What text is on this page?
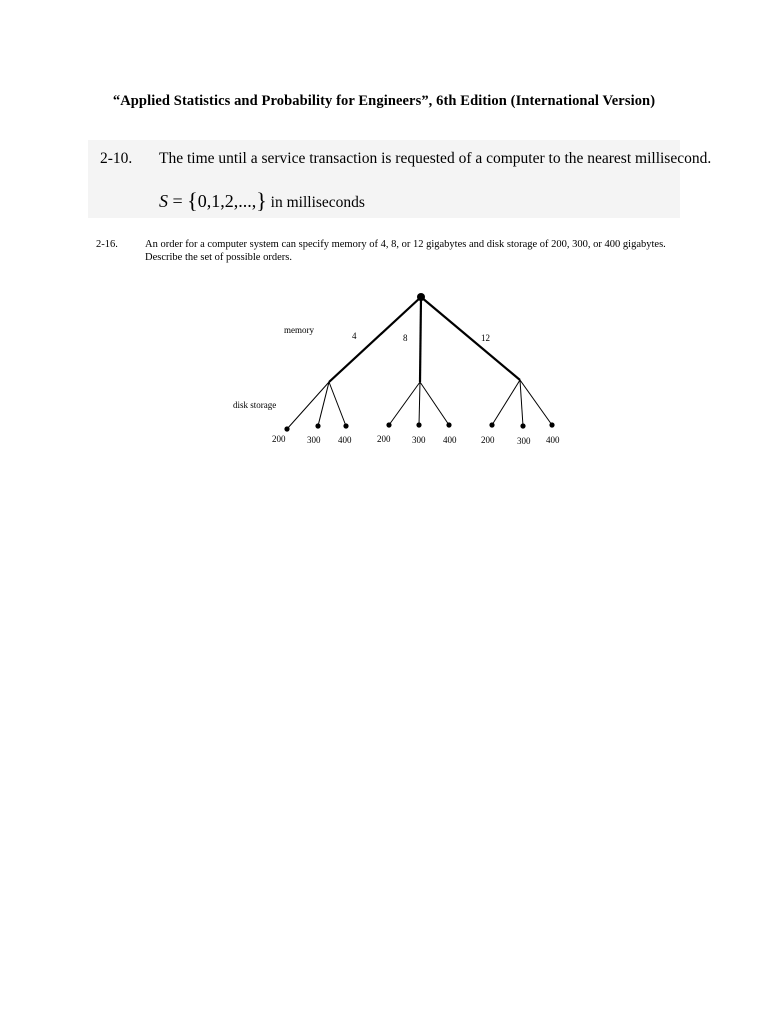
“Applied Statistics and Probability for Engineers”, 6th Edition (International Version)
2-10. The time until a service transaction is requested of a computer to the nearest millisecond.
S = {0,1,2,...,} in milliseconds
2-16.	An order for a computer system can specify memory of 4, 8, or 12 gigabytes and disk storage of 200, 300, or 400 gigabytes. Describe the set of possible orders.
memory
disk storage
4	8	12
200 300 400	200 300 400	200	300 400
